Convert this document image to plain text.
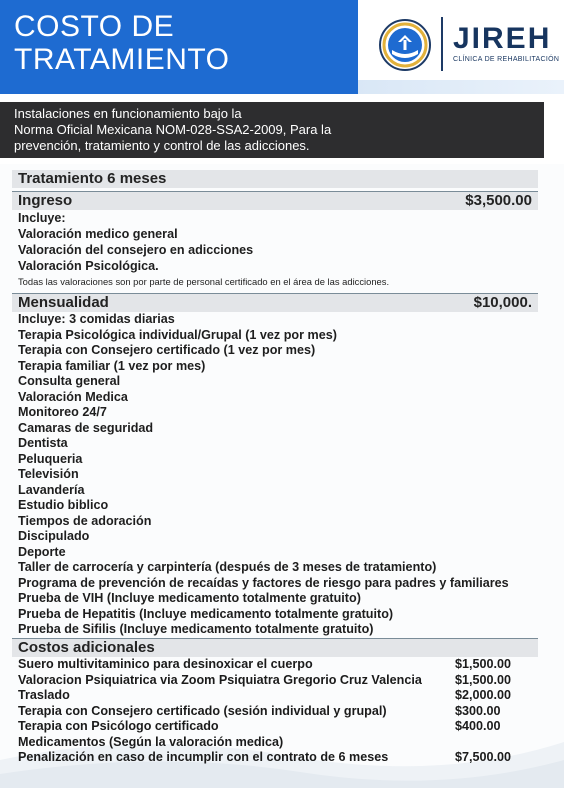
COSTO DE
TRATAMIENTO
JIREH
CLÍNICA DE REHABILITACIÓN
Instalaciones en funcionamiento bajo la
Norma Oficial Mexicana NOM-028-SSA2-2009, Para la
prevención, tratamiento y control de las adicciones.
Tratamiento 6 meses
Ingreso	$3,500.00
Incluye:
Valoración medico general
Valoración del consejero en adicciones
Valoración Psicológica.
Todas las valoraciones son por parte de personal certificado en el área de las adicciones.
Mensualidad	$10,000.
Incluye: 3 comidas diarias
Terapia Psicológica individual/Grupal (1 vez por mes)
Terapia con Consejero certificado (1 vez por mes)
Terapia familiar (1 vez por mes)
Consulta general
Valoración Medica
Monitoreo 24/7
Camaras de seguridad
Dentista
Peluqueria
Televisión
Lavandería
Estudio biblico
Tiempos de adoración
Discipulado
Deporte
Taller de carrocería y carpintería (después de 3 meses de tratamiento)
Programa de prevención de recaídas y factores de riesgo para padres y familiares
Prueba de VIH (Incluye medicamento totalmente gratuito)
Prueba de Hepatitis (Incluye medicamento totalmente gratuito)
Prueba de Sifilis (Incluye medicamento totalmente gratuito)
Costos adicionales
Suero multivitaminico para desinoxicar el cuerpo	$1,500.00
Valoracion Psiquiatrica via Zoom Psiquiatra Gregorio Cruz Valencia	$1,500.00
Traslado	$2,000.00
Terapia con Consejero certificado (sesión individual y grupal)	$300.00
Terapia con Psicólogo certificado	$400.00
Medicamentos (Según la valoración medica)
Penalización en caso de incumplir con el contrato de 6 meses	$7,500.00
